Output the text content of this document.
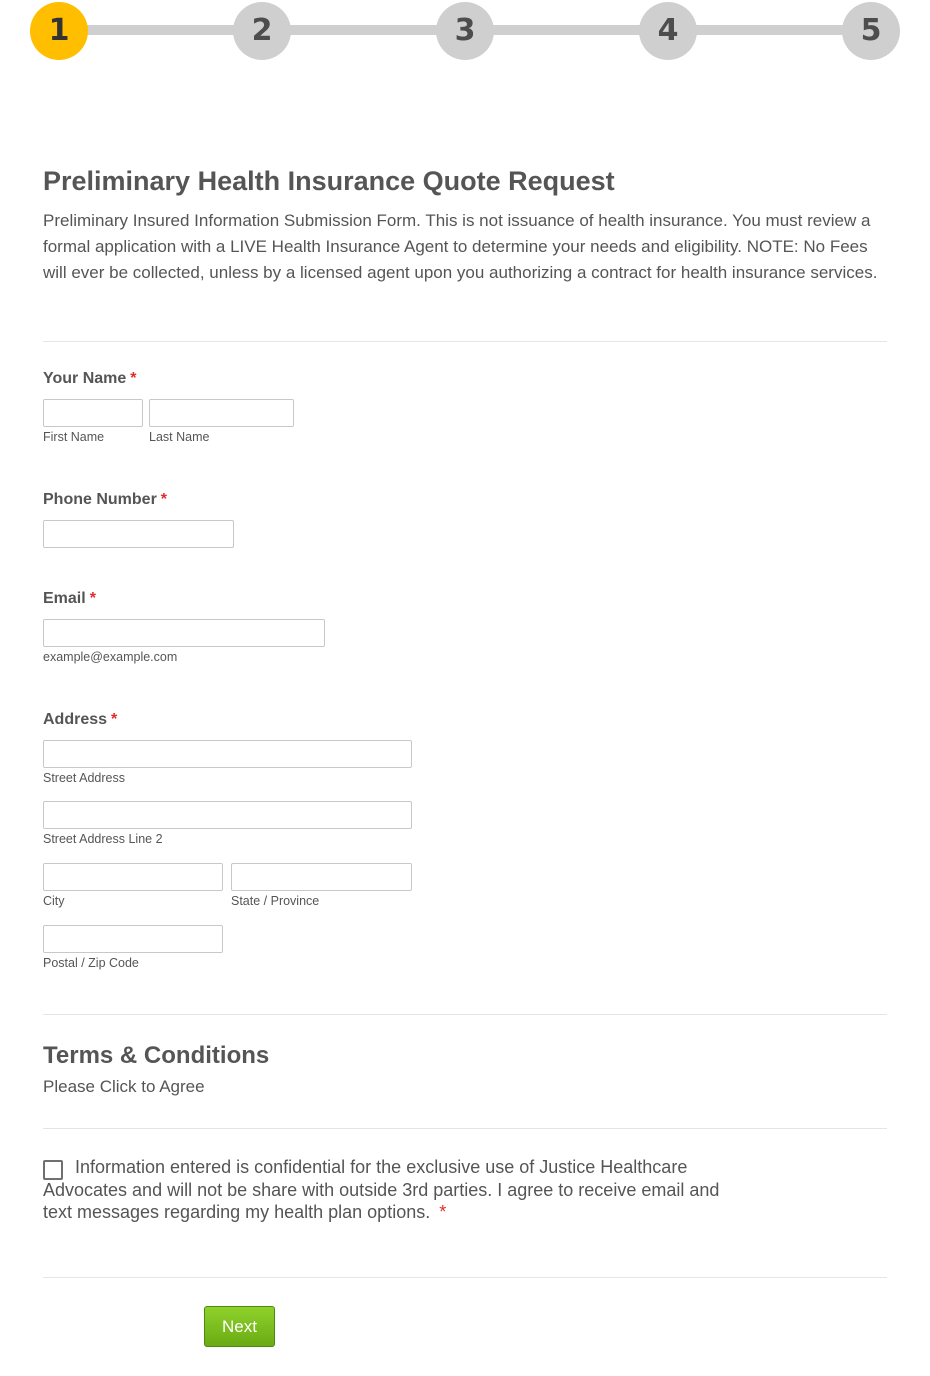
1	2	3	4	5
Preliminary Health Insurance Quote Request

Preliminary Insured Information Submission Form. This is not issuance of health insurance. You must review a formal application with a LIVE Health Insurance Agent to determine your needs and eligibility. NOTE: No Fees will ever be collected, unless by a licensed agent upon you authorizing a contract for health insurance services.

Your Name *
First Name	Last Name
Phone Number *
Email *
example@example.com
Address *
Street Address
Street Address Line 2
City	State / Province
Postal / Zip Code
Terms & Conditions
Please Click to Agree

Information entered is confidential for the exclusive use of Justice Healthcare Advocates and will not be share with outside 3rd parties. I agree to receive email and text messages regarding my health plan options. *

Next
